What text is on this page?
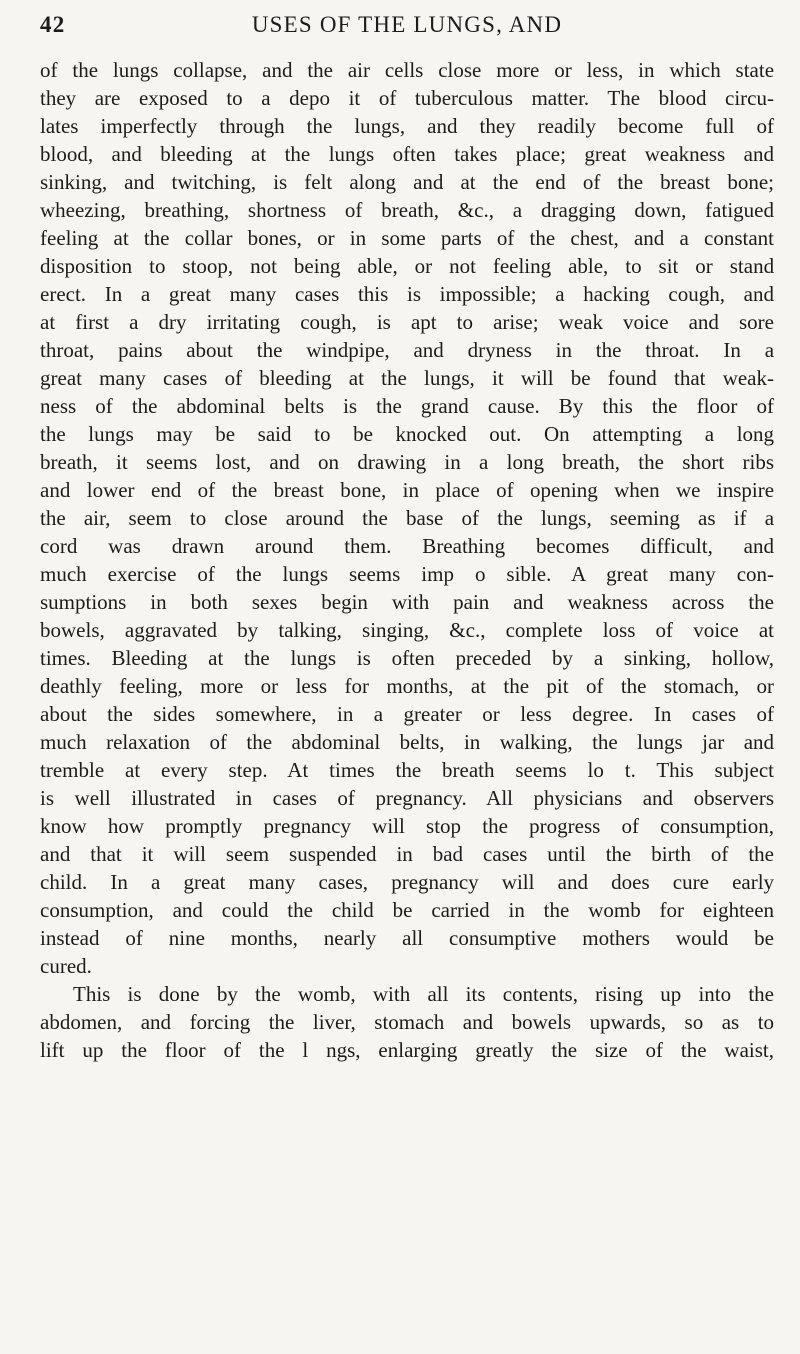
42	USES OF THE LUNGS, AND
of the lungs collapse, and the air cells close more or less, in which state
they are exposed to a depo it of tuberculous matter. The blood circu-
lates imperfectly through the lungs, and they readily become full of
blood, and bleeding at the lungs often takes place; great weakness and
sinking, and twitching, is felt along and at the end of the breast bone;
wheezing, breathing, shortness of breath, &c., a dragging down, fatigued
feeling at the collar bones, or in some parts of the chest, and a constant
disposition to stoop, not being able, or not feeling able, to sit or stand
erect. In a great many cases this is impossible; a hacking cough, and
at first a dry irritating cough, is apt to arise; weak voice and sore
throat, pains about the windpipe, and dryness in the throat. In a
great many cases of bleeding at the lungs, it will be found that weak-
ness of the abdominal belts is the grand cause. By this the floor of
the lungs may be said to be knocked out. On attempting a long
breath, it seems lost, and on drawing in a long breath, the short ribs
and lower end of the breast bone, in place of opening when we inspire
the air, seem to close around the base of the lungs, seeming as if a
cord was drawn around them. Breathing becomes difficult, and
much exercise of the lungs seems imp o sible. A great many con-
sumptions in both sexes begin with pain and weakness across the
bowels, aggravated by talking, singing, &c., complete loss of voice at
times. Bleeding at the lungs is often preceded by a sinking, hollow,
deathly feeling, more or less for months, at the pit of the stomach, or
about the sides somewhere, in a greater or less degree. In cases of
much relaxation of the abdominal belts, in walking, the lungs jar and
tremble at every step. At times the breath seems lo t. This subject
is well illustrated in cases of pregnancy. All physicians and observers
know how promptly pregnancy will stop the progress of consumption,
and that it will seem suspended in bad cases until the birth of the
child. In a great many cases, pregnancy will and does cure early
consumption, and could the child be carried in the womb for eighteen
instead of nine months, nearly all consumptive mothers would be
cured.
This is done by the womb, with all its contents, rising up into the
abdomen, and forcing the liver, stomach and bowels upwards, so as to
lift up the floor of the l ngs, enlarging greatly the size of the waist,
